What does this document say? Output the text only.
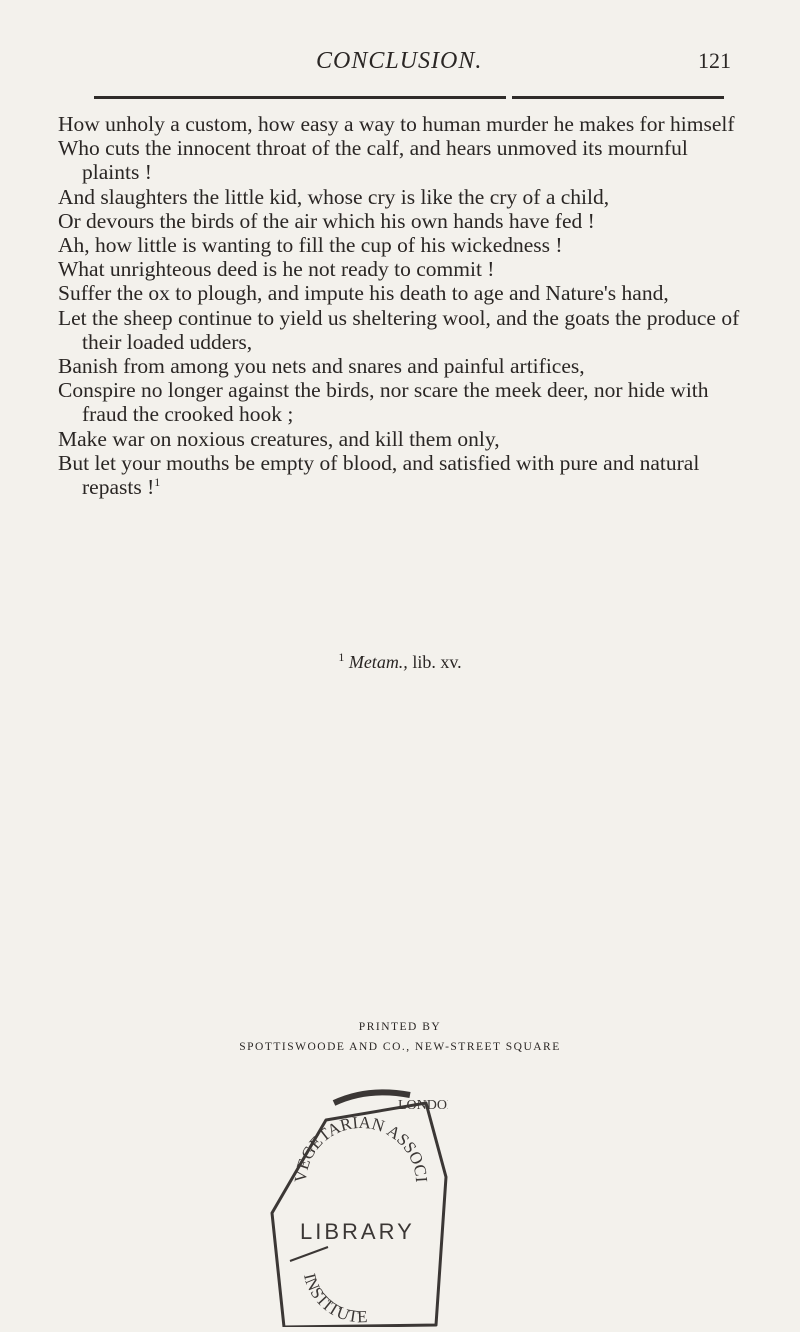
CONCLUSION.	121

How unholy a custom, how easy a way to human murder he makes for himself

Who cuts the innocent throat of the calf, and hears unmoved its mournful plaints !

And slaughters the little kid, whose cry is like the cry of a child,

Or devours the birds of the air which his own hands have fed !

Ah, how little is wanting to fill the cup of his wickedness !

What unrighteous deed is he not ready to commit !

Suffer the ox to plough, and impute his death to age and Nature's hand,

Let the sheep continue to yield us sheltering wool, and the goats the produce of their loaded udders,

Banish from among you nets and snares and painful artifices,

Conspire no longer against the birds, nor scare the meek deer, nor hide with fraud the crooked hook ;

Make war on noxious creatures, and kill them only,

But let your mouths be empty of blood, and satisfied with pure and natural repasts !$^1$

$^1$ Metam., lib. xv.
PRINTED BY
SPOTTISWOODE AND CO., NEW-STREET SQUARE
LONDO
VEGETARIAN ASSOCI
LIBRARY
INSTITUTE
